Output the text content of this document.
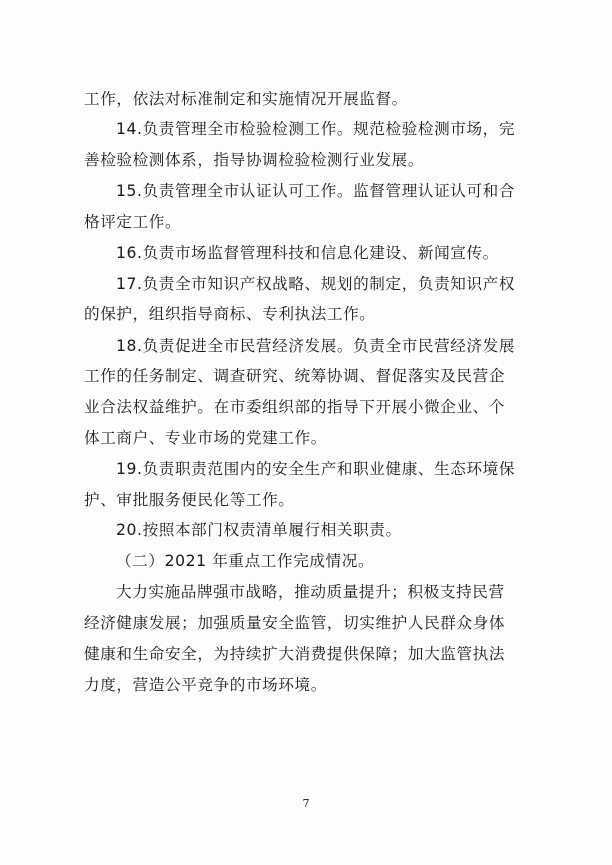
工作，依法对标准制定和实施情况开展监督。
14.负责管理全市检验检测工作。规范检验检测市场，完
善检验检测体系，指导协调检验检测行业发展。
15.负责管理全市认证认可工作。监督管理认证认可和合
格评定工作。
16.负责市场监督管理科技和信息化建设、新闻宣传。
17.负责全市知识产权战略、规划的制定，负责知识产权
的保护，组织指导商标、专利执法工作。
18.负责促进全市民营经济发展。负责全市民营经济发展
工作的任务制定、调查研究、统筹协调、督促落实及民营企
业合法权益维护。在市委组织部的指导下开展小微企业、个
体工商户、专业市场的党建工作。
19.负责职责范围内的安全生产和职业健康、生态环境保
护、审批服务便民化等工作。
20.按照本部门权责清单履行相关职责。
（二）2021 年重点工作完成情况。
大力实施品牌强市战略，推动质量提升；积极支持民营
经济健康发展；加强质量安全监管，切实维护人民群众身体
健康和生命安全，为持续扩大消费提供保障；加大监管执法
力度，营造公平竞争的市场环境。
7
